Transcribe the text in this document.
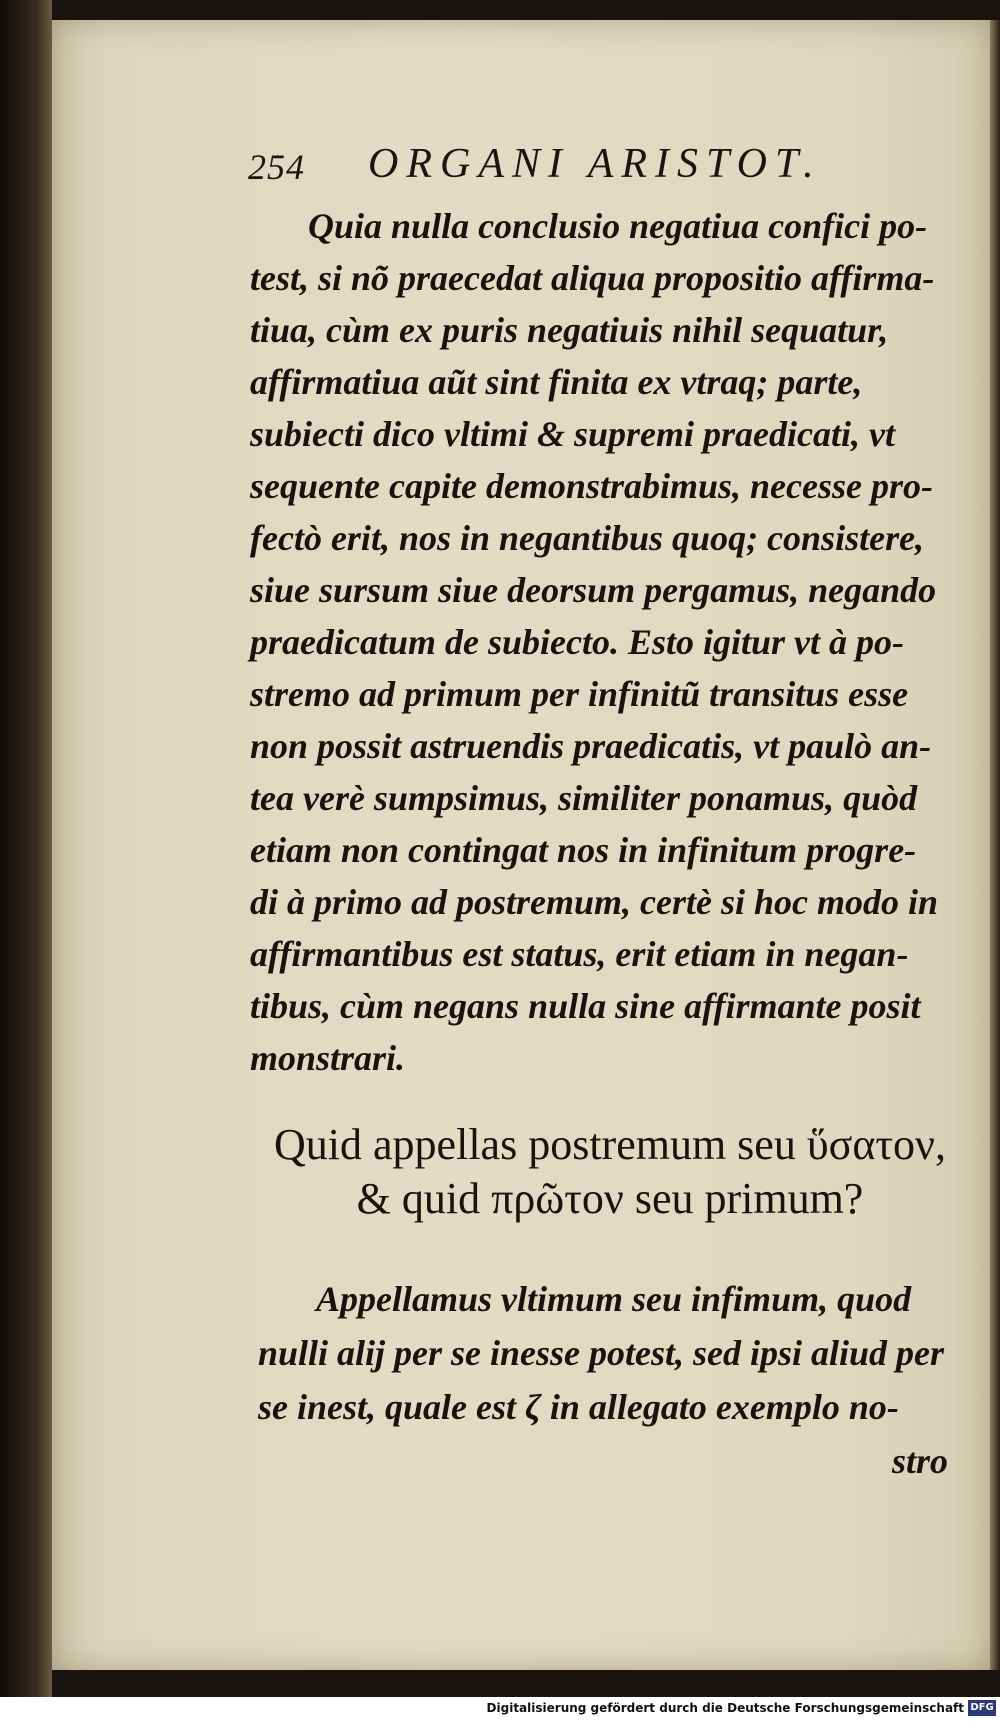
254 ORGANI ARISTOT.
Quia nulla conclusio negatiua confici po-
test, si nõ praecedat aliqua propositio affirma-
tiua, cùm ex puris negatiuis nihil sequatur,
affirmatiua aũt sint finita ex vtraq; parte,
subiecti dico vltimi & supremi praedicati, vt
sequente capite demonstrabimus, necesse pro-
fectò erit, nos in negantibus quoq; consistere,
siue sursum siue deorsum pergamus, negando
praedicatum de subiecto. Esto igitur vt à po-
stremo ad primum per infinitũ transitus esse
non possit astruendis praedicatis, vt paulò an-
tea verè sumpsimus, similiter ponamus, quòd
etiam non contingat nos in infinitum progre-
di à primo ad postremum, certè si hoc modo in
affirmantibus est status, erit etiam in negan-
tibus, cùm negans nulla sine affirmante posit
monstrari.
Quid appellas postremum seu ὕσατον,
& quid πρῶτον seu primum?
Appellamus vltimum seu infimum, quod
nulli alij per se inesse potest, sed ipsi aliud per
se inest, quale est ζ in allegato exemplo no-
stro
Digitalisierung gefördert durch die Deutsche Forschungsgemeinschaft DFG
